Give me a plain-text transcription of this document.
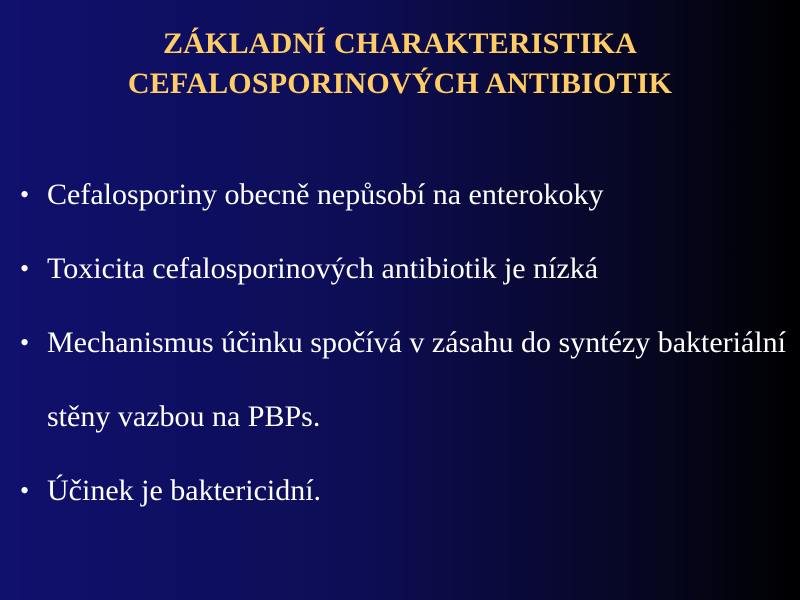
ZÁKLADNÍ CHARAKTERISTIKA
CEFALOSPORINOVÝCH ANTIBIOTIK
• Cefalosporiny obecně nepůsobí na enterokoky
• Toxicita cefalosporinových antibiotik je nízká
• Mechanismus účinku spočívá v zásahu do syntézy bakteriální stěny vazbou na PBPs.
• Účinek je baktericidní.
